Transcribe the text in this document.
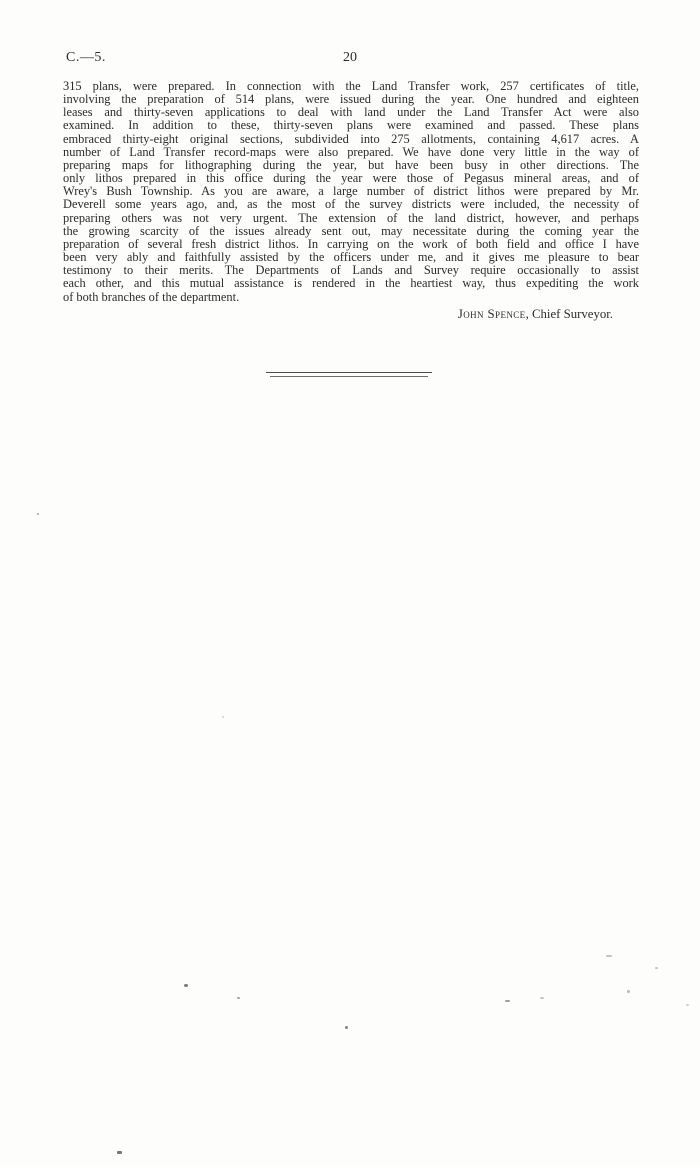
C.—5.	20
315 plans, were prepared. In connection with the Land Transfer work, 257 certificates of title,
involving the preparation of 514 plans, were issued during the year. One hundred and eighteen
leases and thirty-seven applications to deal with land under the Land Transfer Act were also
examined. In addition to these, thirty-seven plans were examined and passed. These plans
embraced thirty-eight original sections, subdivided into 275 allotments, containing 4,617 acres. A
number of Land Transfer record-maps were also prepared. We have done very little in the way of
preparing maps for lithographing during the year, but have been busy in other directions. The
only lithos prepared in this office during the year were those of Pegasus mineral areas, and of
Wrey's Bush Township. As you are aware, a large number of district lithos were prepared by Mr.
Deverell some years ago, and, as the most of the survey districts were included, the necessity of
preparing others was not very urgent. The extension of the land district, however, and perhaps
the growing scarcity of the issues already sent out, may necessitate during the coming year the
preparation of several fresh district lithos. In carrying on the work of both field and office I have
been very ably and faithfully assisted by the officers under me, and it gives me pleasure to bear
testimony to their merits. The Departments of Lands and Survey require occasionally to assist
each other, and this mutual assistance is rendered in the heartiest way, thus expediting the work
of both branches of the department.
John Spence, Chief Surveyor.
